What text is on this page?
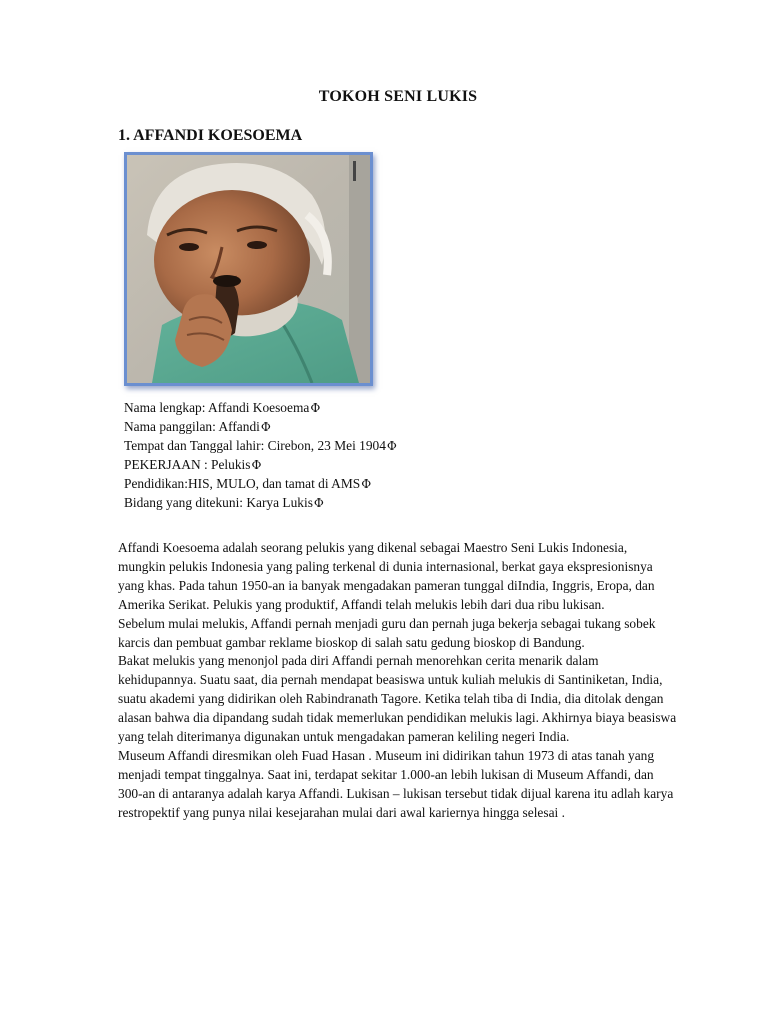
TOKOH SENI LUKIS
1. AFFANDI KOESOEMA
Nama lengkap: Affandi KoesoemaФ
Nama panggilan: AffandiФ
Tempat dan Tanggal lahir: Cirebon, 23 Mei 1904Ф
PEKERJAAN : PelukisФ
Pendidikan:HIS, MULO, dan tamat di AMSФ
Bidang yang ditekuni: Karya LukisФ

Affandi Koesoema adalah seorang pelukis yang dikenal sebagai Maestro Seni Lukis Indonesia, mungkin pelukis Indonesia yang paling terkenal di dunia internasional, berkat gaya ekspresionisnya yang khas. Pada tahun 1950-an ia banyak mengadakan pameran tunggal diIndia, Inggris, Eropa, dan Amerika Serikat. Pelukis yang produktif, Affandi telah melukis lebih dari dua ribu lukisan.

Sebelum mulai melukis, Affandi pernah menjadi guru dan pernah juga bekerja sebagai tukang sobek karcis dan pembuat gambar reklame bioskop di salah satu gedung bioskop di Bandung.

Bakat melukis yang menonjol pada diri Affandi pernah menorehkan cerita menarik dalam kehidupannya. Suatu saat, dia pernah mendapat beasiswa untuk kuliah melukis di Santiniketan, India, suatu akademi yang didirikan oleh Rabindranath Tagore. Ketika telah tiba di India, dia ditolak dengan alasan bahwa dia dipandang sudah tidak memerlukan pendidikan melukis lagi. Akhirnya biaya beasiswa yang telah diterimanya digunakan untuk mengadakan pameran keliling negeri India.

Museum Affandi diresmikan oleh Fuad Hasan . Museum ini didirikan tahun 1973 di atas tanah yang menjadi tempat tinggalnya. Saat ini, terdapat sekitar 1.000-an lebih lukisan di Museum Affandi, dan 300-an di antaranya adalah karya Affandi. Lukisan – lukisan tersebut tidak dijual karena itu adlah karya restropektif yang punya nilai kesejarahan mulai dari awal kariernya hingga selesai .
